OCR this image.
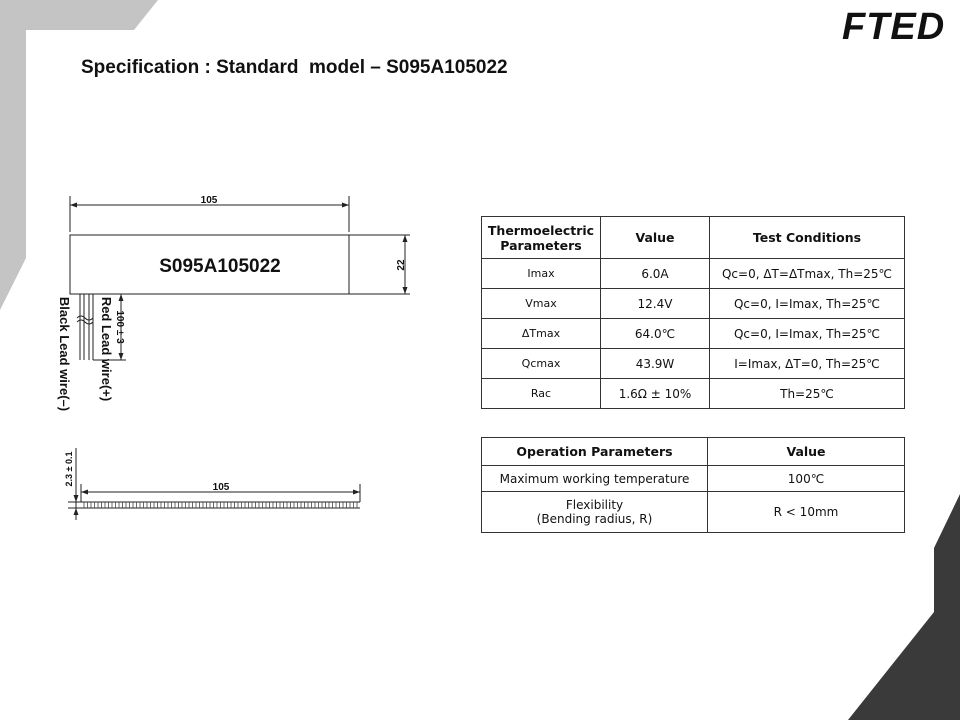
FTED
Specification : Standard  model – S095A105022
105
S095A105022	22
100 ± 3
Red Lead wire(+)
Black Lead wire(–)
105
2.3 ± 0.1
Thermoelectric
Parameters	Value	Test Conditions
Imax	6.0A	Qc=0, ΔT=ΔTmax, Th=25℃
Vmax	12.4V	Qc=0, I=Imax, Th=25℃
ΔTmax	64.0℃	Qc=0, I=Imax, Th=25℃
Qcmax	43.9W	I=Imax, ΔT=0, Th=25℃
Rac	1.6Ω ± 10%	Th=25℃
Operation Parameters	Value
Maximum working temperature	100℃
Flexibility
(Bending radius, R)	R < 10mm
